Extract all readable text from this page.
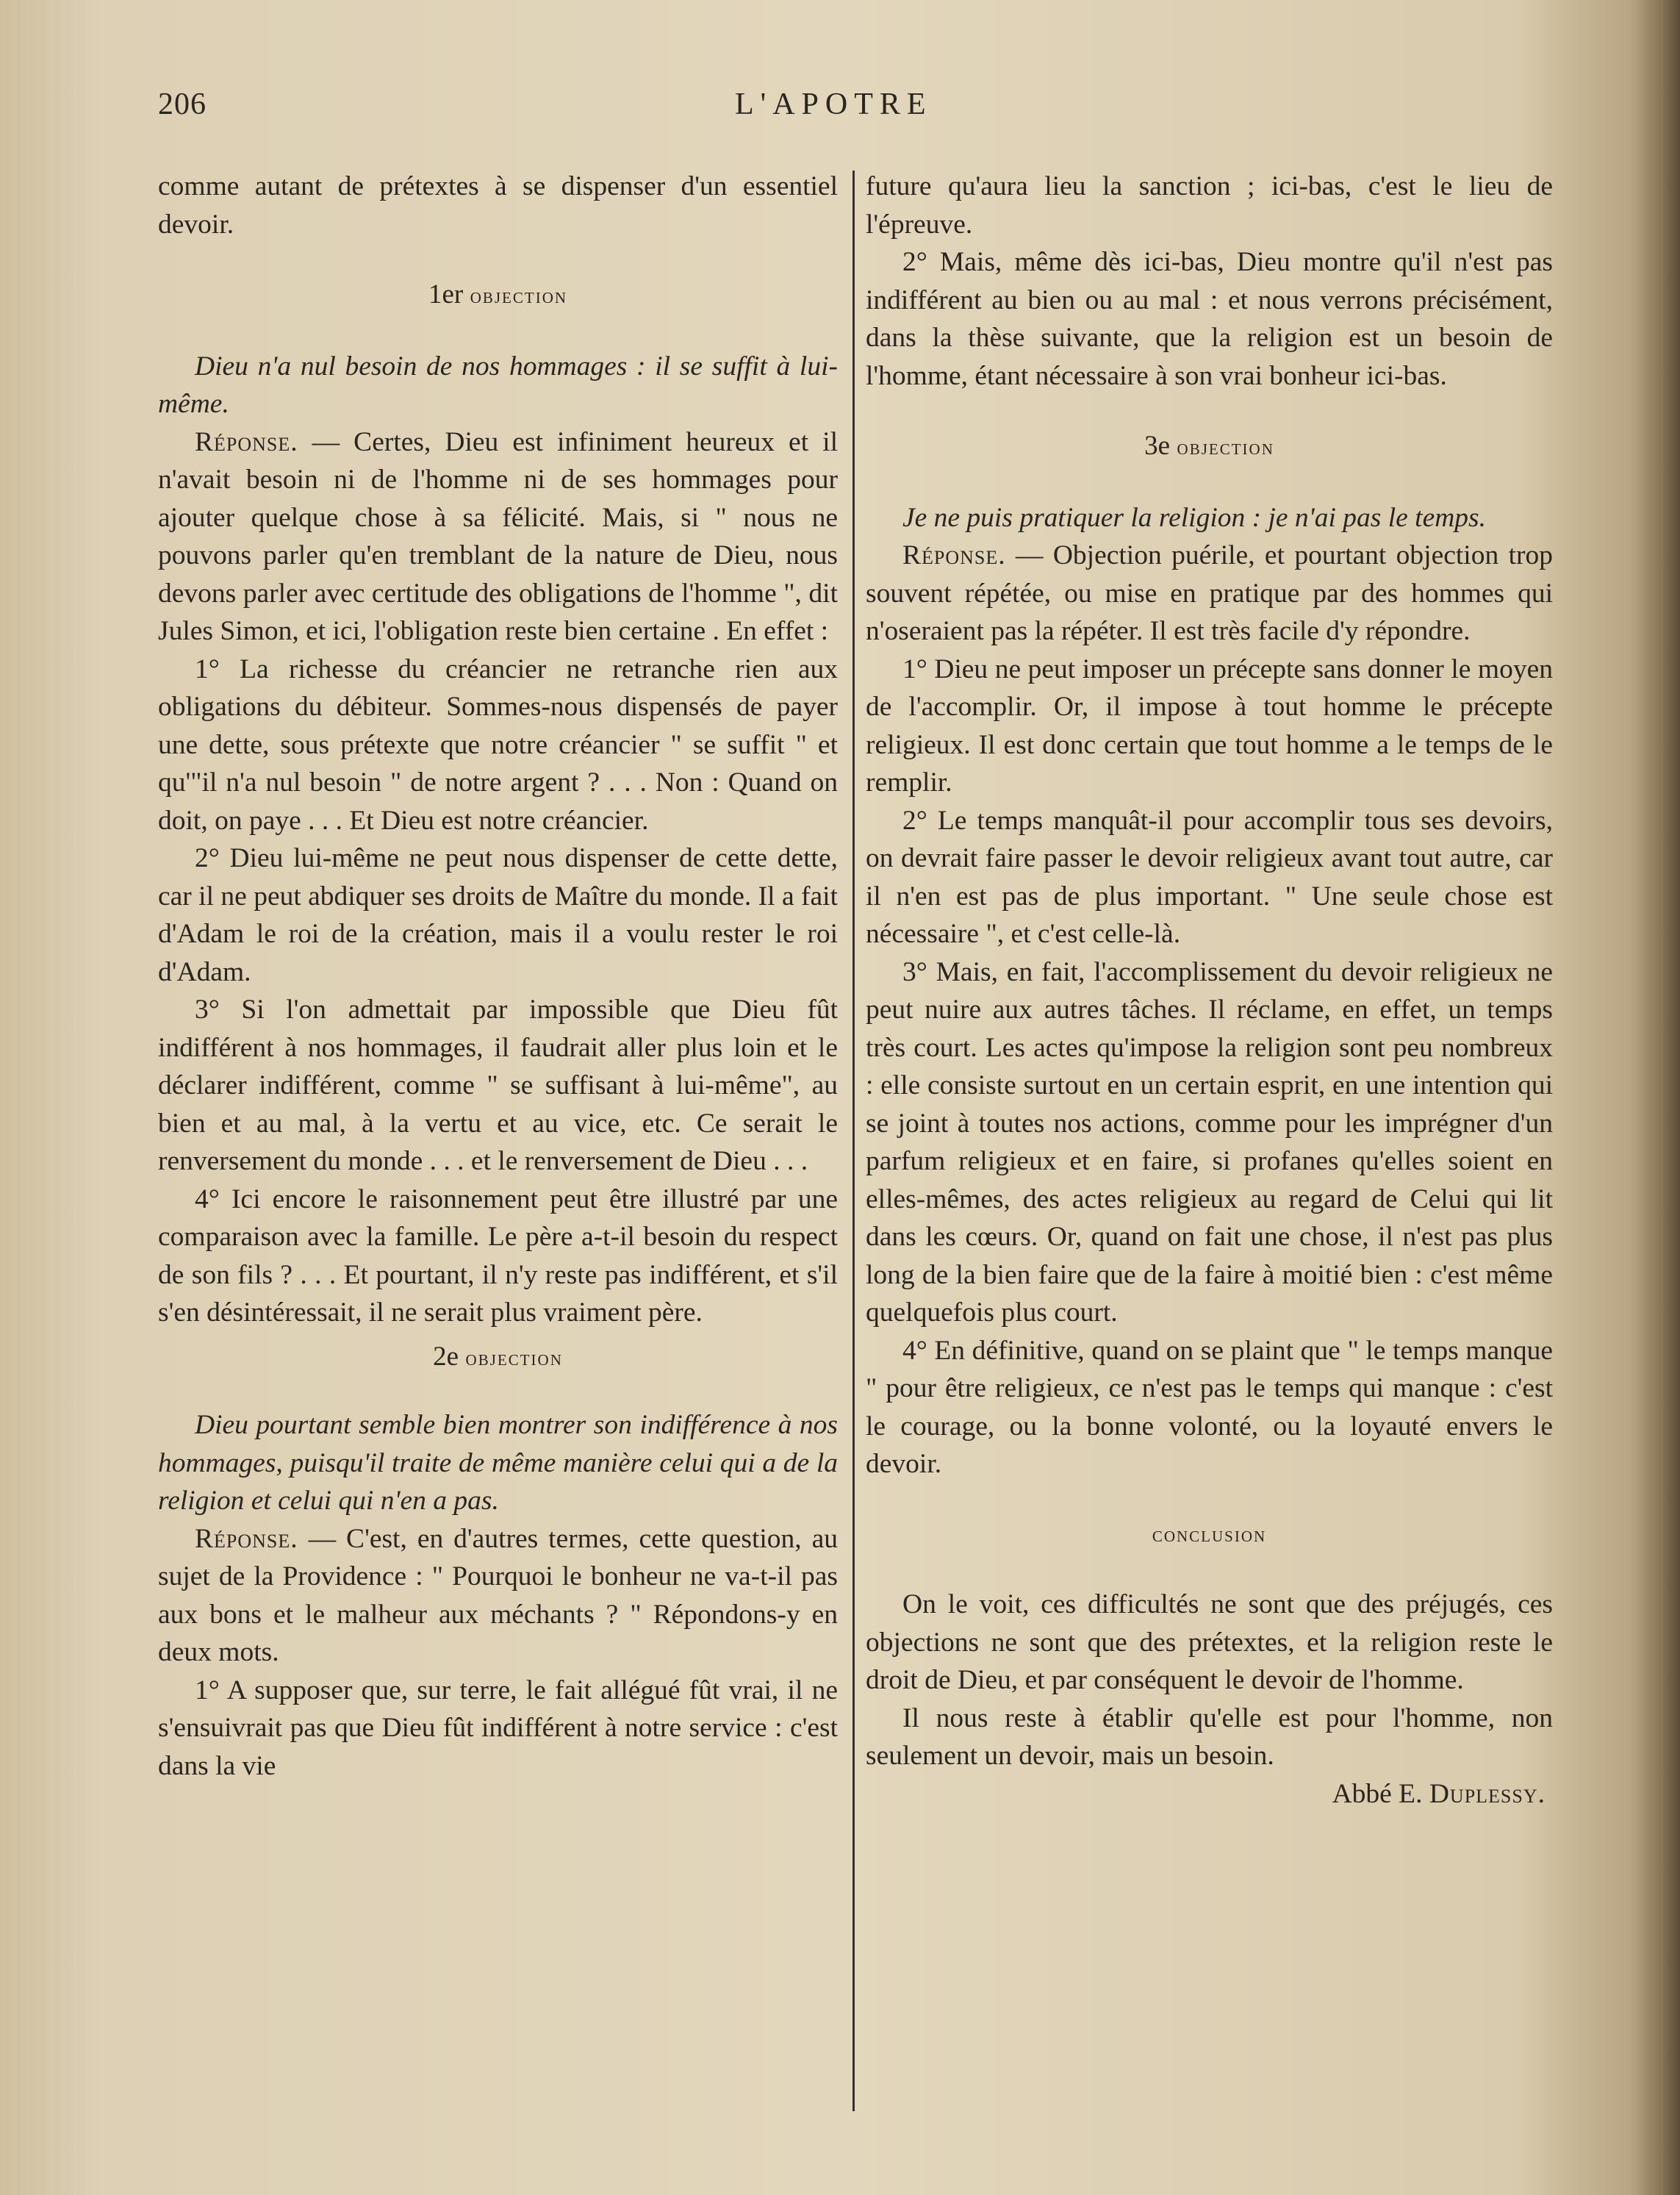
206	L'APOTRE

comme autant de prétextes à se dispenser d'un essentiel devoir.

1er objection

Dieu n'a nul besoin de nos hommages : il se suffit à lui-même.

Réponse. — Certes, Dieu est infiniment heureux et il n'avait besoin ni de l'homme ni de ses hommages pour ajouter quelque chose à sa félicité. Mais, si " nous ne pouvons parler qu'en tremblant de la nature de Dieu, nous devons parler avec certitude des obligations de l'homme ", dit Jules Simon, et ici, l'obligation reste bien certaine . En effet :

1° La richesse du créancier ne retranche rien aux obligations du débiteur. Sommes-nous dispensés de payer une dette, sous prétexte que notre créancier " se suffit " et qu'"il n'a nul besoin " de notre argent ? . . . Non : Quand on doit, on paye . . . Et Dieu est notre créancier.

2° Dieu lui-même ne peut nous dispenser de cette dette, car il ne peut abdiquer ses droits de Maître du monde. Il a fait d'Adam le roi de la création, mais il a voulu rester le roi d'Adam.

3° Si l'on admettait par impossible que Dieu fût indifférent à nos hommages, il faudrait aller plus loin et le déclarer indifférent, comme " se suffisant à lui-même", au bien et au mal, à la vertu et au vice, etc. Ce serait le renversement du monde . . . et le renversement de Dieu . . .

4° Ici encore le raisonnement peut être illustré par une comparaison avec la famille. Le père a-t-il besoin du respect de son fils ? . . . Et pourtant, il n'y reste pas indifférent, et s'il s'en désintéressait, il ne serait plus vraiment père.

2e objection

Dieu pourtant semble bien montrer son indifférence à nos hommages, puisqu'il traite de même manière celui qui a de la religion et celui qui n'en a pas.

Réponse. — C'est, en d'autres termes, cette question, au sujet de la Providence : " Pourquoi le bonheur ne va-t-il pas aux bons et le malheur aux méchants ? " Répondons-y en deux mots.

1° A supposer que, sur terre, le fait allégué fût vrai, il ne s'ensuivrait pas que Dieu fût indifférent à notre service : c'est dans la vie

future qu'aura lieu la sanction ; ici-bas, c'est le lieu de l'épreuve.

2° Mais, même dès ici-bas, Dieu montre qu'il n'est pas indifférent au bien ou au mal : et nous verrons précisément, dans la thèse suivante, que la religion est un besoin de l'homme, étant nécessaire à son vrai bonheur ici-bas.

3e objection

Je ne puis pratiquer la religion : je n'ai pas le temps.

Réponse. — Objection puérile, et pourtant objection trop souvent répétée, ou mise en pratique par des hommes qui n'oseraient pas la répéter. Il est très facile d'y répondre.

1° Dieu ne peut imposer un précepte sans donner le moyen de l'accomplir. Or, il impose à tout homme le précepte religieux. Il est donc certain que tout homme a le temps de le remplir.

2° Le temps manquât-il pour accomplir tous ses devoirs, on devrait faire passer le devoir religieux avant tout autre, car il n'en est pas de plus important. " Une seule chose est nécessaire ", et c'est celle-là.

3° Mais, en fait, l'accomplissement du devoir religieux ne peut nuire aux autres tâches. Il réclame, en effet, un temps très court. Les actes qu'impose la religion sont peu nombreux : elle consiste surtout en un certain esprit, en une intention qui se joint à toutes nos actions, comme pour les imprégner d'un parfum religieux et en faire, si profanes qu'elles soient en elles-mêmes, des actes religieux au regard de Celui qui lit dans les cœurs. Or, quand on fait une chose, il n'est pas plus long de la bien faire que de la faire à moitié bien : c'est même quelquefois plus court.

4° En définitive, quand on se plaint que " le temps manque " pour être religieux, ce n'est pas le temps qui manque : c'est le courage, ou la bonne volonté, ou la loyauté envers le devoir.

conclusion

On le voit, ces difficultés ne sont que des préjugés, ces objections ne sont que des prétextes, et la religion reste le droit de Dieu, et par conséquent le devoir de l'homme.

Il nous reste à établir qu'elle est pour l'homme, non seulement un devoir, mais un besoin.

Abbé E. Duplessy.
